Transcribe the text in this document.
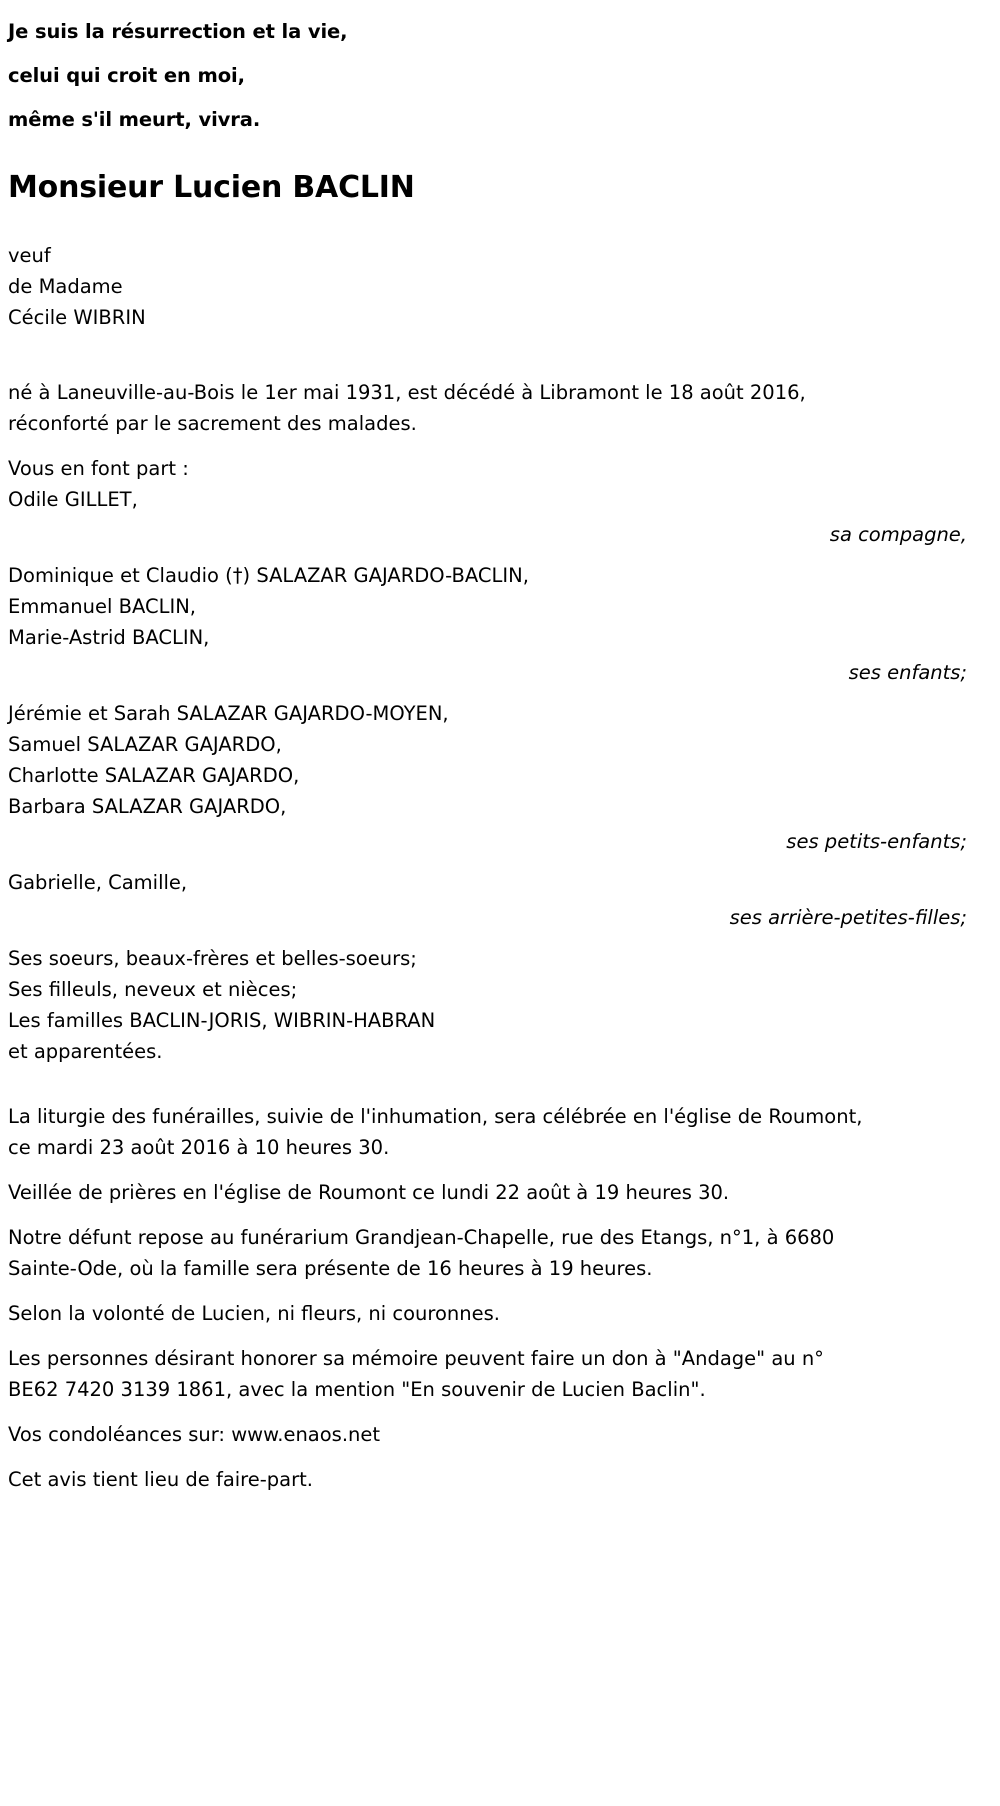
Je suis la résurrection et la vie,
celui qui croit en moi,
même s'il meurt, vivra.
Monsieur Lucien BACLIN
veuf
de Madame
Cécile WIBRIN

né à Laneuville-au-Bois le 1er mai 1931, est décédé à Libramont le 18 août 2016, réconforté par le sacrement des malades.

Vous en font part :
Odile GILLET,
sa compagne,
Dominique et Claudio (†) SALAZAR GAJARDO-BACLIN,
Emmanuel BACLIN,
Marie-Astrid BACLIN,
ses enfants;
Jérémie et Sarah SALAZAR GAJARDO-MOYEN,
Samuel SALAZAR GAJARDO,
Charlotte SALAZAR GAJARDO,
Barbara SALAZAR GAJARDO,
ses petits-enfants;
Gabrielle, Camille,
ses arrière-petites-filles;
Ses soeurs, beaux-frères et belles-soeurs;
Ses filleuls, neveux et nièces;
Les familles BACLIN-JORIS, WIBRIN-HABRAN
et apparentées.

La liturgie des funérailles, suivie de l'inhumation, sera célébrée en l'église de Roumont, ce mardi 23 août 2016 à 10 heures 30.

Veillée de prières en l'église de Roumont ce lundi 22 août à 19 heures 30.

Notre défunt repose au funérarium Grandjean-Chapelle, rue des Etangs, n°1, à 6680 Sainte-Ode, où la famille sera présente de 16 heures à 19 heures.

Selon la volonté de Lucien, ni fleurs, ni couronnes.

Les personnes désirant honorer sa mémoire peuvent faire un don à "Andage" au n° BE62 7420 3139 1861, avec la mention "En souvenir de Lucien Baclin".

Vos condoléances sur: www.enaos.net

Cet avis tient lieu de faire-part.
